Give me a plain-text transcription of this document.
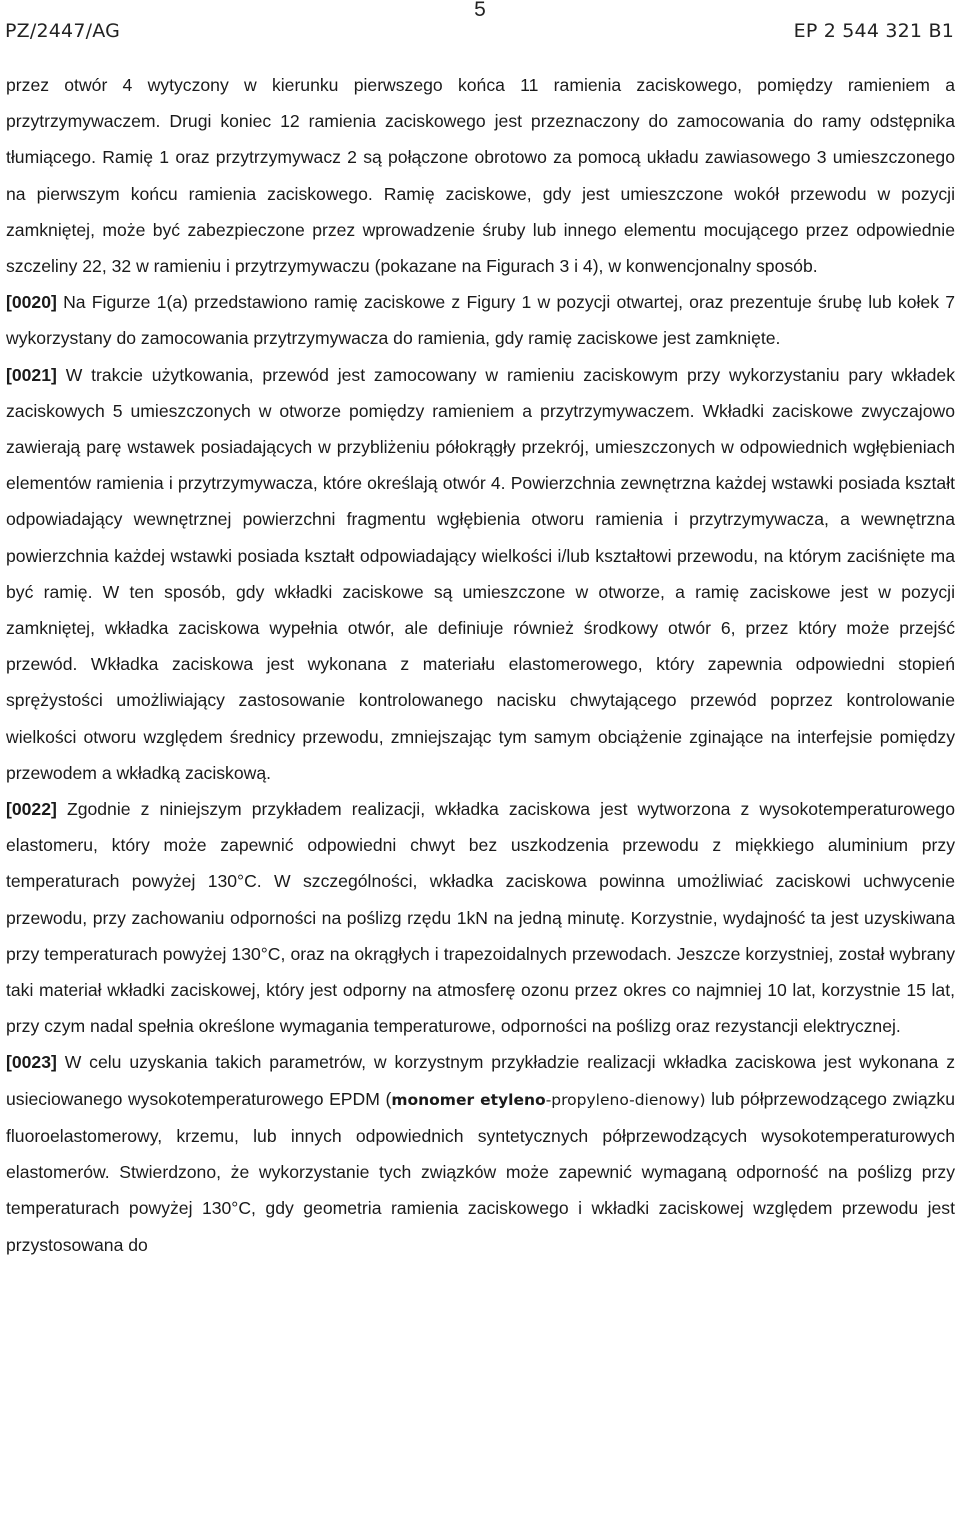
5
PZ/2447/AG	EP 2 544 321 B1

przez otwór 4 wytyczony w kierunku pierwszego końca 11 ramienia zaciskowego, pomiędzy ramieniem a przytrzymywaczem. Drugi koniec 12 ramienia zaciskowego jest przeznaczony do zamocowania do ramy odstępnika tłumiącego. Ramię 1 oraz przytrzymywacz 2 są połączone obrotowo za pomocą układu zawiasowego 3 umieszczonego na pierwszym końcu ramienia zaciskowego. Ramię zaciskowe, gdy jest umieszczone wokół przewodu w pozycji zamkniętej, może być zabezpieczone przez wprowadzenie śruby lub innego elementu mocującego przez odpowiednie szczeliny 22, 32 w ramieniu i przytrzymywaczu (pokazane na Figurach 3 i 4), w konwencjonalny sposób.

[0020] Na Figurze 1(a) przedstawiono ramię zaciskowe z Figury 1 w pozycji otwartej, oraz prezentuje śrubę lub kołek 7 wykorzystany do zamocowania przytrzymywacza do ramienia, gdy ramię zaciskowe jest zamknięte.

[0021] W trakcie użytkowania, przewód jest zamocowany w ramieniu zaciskowym przy wykorzystaniu pary wkładek zaciskowych 5 umieszczonych w otworze pomiędzy ramieniem a przytrzymywaczem. Wkładki zaciskowe zwyczajowo zawierają parę wstawek posiadających w przybliżeniu półokrągły przekrój, umieszczonych w odpowiednich wgłębieniach elementów ramienia i przytrzymywacza, które określają otwór 4. Powierzchnia zewnętrzna każdej wstawki posiada kształt odpowiadający wewnętrznej powierzchni fragmentu wgłębienia otworu ramienia i przytrzymywacza, a wewnętrzna powierzchnia każdej wstawki posiada kształt odpowiadający wielkości i/lub kształtowi przewodu, na którym zaciśnięte ma być ramię. W ten sposób, gdy wkładki zaciskowe są umieszczone w otworze, a ramię zaciskowe jest w pozycji zamkniętej, wkładka zaciskowa wypełnia otwór, ale definiuje również środkowy otwór 6, przez który może przejść przewód. Wkładka zaciskowa jest wykonana z materiału elastomerowego, który zapewnia odpowiedni stopień sprężystości umożliwiający zastosowanie kontrolowanego nacisku chwytającego przewód poprzez kontrolowanie wielkości otworu względem średnicy przewodu, zmniejszając tym samym obciążenie zginające na interfejsie pomiędzy przewodem a wkładką zaciskową.

[0022] Zgodnie z niniejszym przykładem realizacji, wkładka zaciskowa jest wytworzona z wysokotemperaturowego elastomeru, który może zapewnić odpowiedni chwyt bez uszkodzenia przewodu z miękkiego aluminium przy temperaturach powyżej 130°C. W szczególności, wkładka zaciskowa powinna umożliwiać zaciskowi uchwycenie przewodu, przy zachowaniu odporności na poślizg rzędu 1kN na jedną minutę. Korzystnie, wydajność ta jest uzyskiwana przy temperaturach powyżej 130°C, oraz na okrągłych i trapezoidalnych przewodach. Jeszcze korzystniej, został wybrany taki materiał wkładki zaciskowej, który jest odporny na atmosferę ozonu przez okres co najmniej 10 lat, korzystnie 15 lat, przy czym nadal spełnia określone wymagania temperaturowe, odporności na poślizg oraz rezystancji elektrycznej.

[0023] W celu uzyskania takich parametrów, w korzystnym przykładzie realizacji wkładka zaciskowa jest wykonana z usieciowanego wysokotemperaturowego EPDM (monomer etyleno-propyleno-dienowy) lub półprzewodzącego związku fluoroelastomerowy, krzemu, lub innych odpowiednich syntetycznych półprzewodzących wysokotemperaturowych elastomerów. Stwierdzono, że wykorzystanie tych związków może zapewnić wymaganą odporność na poślizg przy temperaturach powyżej 130°C, gdy geometria ramienia zaciskowego i wkładki zaciskowej względem przewodu jest przystosowana do
